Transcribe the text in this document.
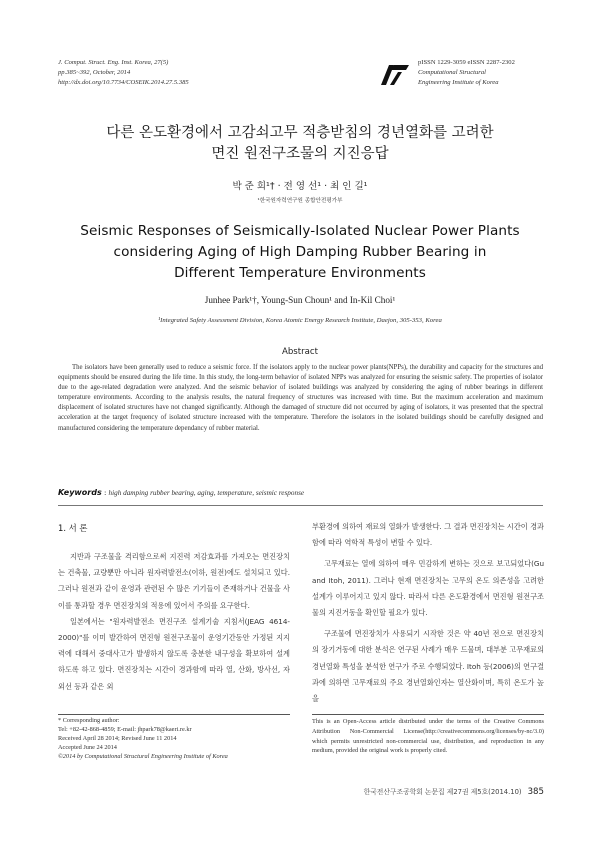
J. Comput. Struct. Eng. Inst. Korea, 27(5)
pp.385~392, October, 2014
http://dx.doi.org/10.7734/COSEIK.2014.27.5.385
pISSN 1229-3059 eISSN 2287-2302
Computational Structural
Engineering Institute of Korea
다른 온도환경에서 고감쇠고무 적층받침의 경년열화를 고려한
면진 원전구조물의 지진응답
박 준 희¹† · 전 영 선¹ · 최 인 길¹
¹한국원자력연구원 종합안전평가부
Seismic Responses of Seismically-Isolated Nuclear Power Plants
considering Aging of High Damping Rubber Bearing in
Different Temperature Environments
Junhee Park¹†, Young-Sun Choun¹ and In-Kil Choi¹
¹Integrated Safety Assessment Division, Korea Atomic Energy Research Institute, Daejon, 305-353, Korea
Abstract
The isolators have been generally used to reduce a seismic force. If the isolators apply to the nuclear power plants(NPPs), the durability and capacity for the structures and equipments should be ensured during the life time. In this study, the long-term behavior of isolated NPPs was analyzed for ensuring the seismic safety. The properties of isolator due to the age-related degradation were analyzed. And the seismic behavior of isolated buildings was analyzed by considering the aging of rubber bearings in different temperature environments. According to the analysis results, the natural frequency of structures was increased with time. But the maximum acceleration and maximum displacement of isolated structures have not changed significantly. Although the damaged of structure did not occurred by aging of isolators, it was presented that the spectral acceleration at the target frequency of isolated structure increased with the temperature. Therefore the isolators in the isolated buildings should be carefully designed and manufactured considering the temperature dependancy of rubber material.
Keywords : high damping rubber bearing, aging, temperature, seismic response
1. 서 론

지반과 구조물을 격리함으로써 지진력 저감효과를 가져오는 면진장치는 건축물, 교량뿐만 아니라 원자력발전소(이하, 원전)에도 설치되고 있다. 그러나 원전과 같이 운영과 관련된 수 많은 기기들이 존재하거나 건물을 사이를 통과할 경우 면진장치의 적용에 있어서 주의를 요구한다.

일본에서는 "원자력발전소 면진구조 설계기술 지침서(JEAG 4614-2000)"를 이미 발간하여 면진형 원전구조물이 운영기간동안 가정된 지지력에 대해서 중대사고가 발생하지 않도록 충분한 내구성을 확보하여 설계하도록 하고 있다. 면진장치는 시간이 경과함에 따라 열, 산화, 방사선, 자외선 등과 같은 외

부환경에 의하여 재료의 열화가 발생한다. 그 결과 면진장치는 시간이 경과함에 따라 역학적 특성이 변할 수 있다.

고무재료는 열에 의하여 매우 민감하게 변하는 것으로 보고되었다(Gu and Itoh, 2011). 그러나 현재 면진장치는 고무의 온도 의존성을 고려한 설계가 이루어지고 있지 않다. 따라서 다른 온도환경에서 면진형 원전구조물의 지진거동을 확인할 필요가 있다.

구조물에 면진장치가 사용되기 시작한 것은 약 40년 전으로 면진장치의 장기거동에 대한 분석은 연구된 사례가 매우 드물며, 대부분 고무재료의 경년열화 특성을 분석한 연구가 주로 수행되었다. Itoh 등(2006)의 연구결과에 의하면 고무재료의 주요 경년열화인자는 열산화이며, 특히 온도가 높을

* Corresponding author:
Tel: +82-42-868-4859; E-mail: jhpark78@kaeri.re.kr
Received April 28 2014; Revised June 11 2014
Accepted June 24 2014
©2014 by Computational Structural Engineering Institute of Korea
This is an Open-Access article distributed under the terms of the Creative Commons Attribution Non-Commercial License(http://creativecommons.org/licenses/by-nc/3.0) which permits unrestricted non-commercial use, distribution, and reproduction in any medium, provided the original work is properly cited.
한국전산구조공학회 논문집 제27권 제5호(2014.10) 385
